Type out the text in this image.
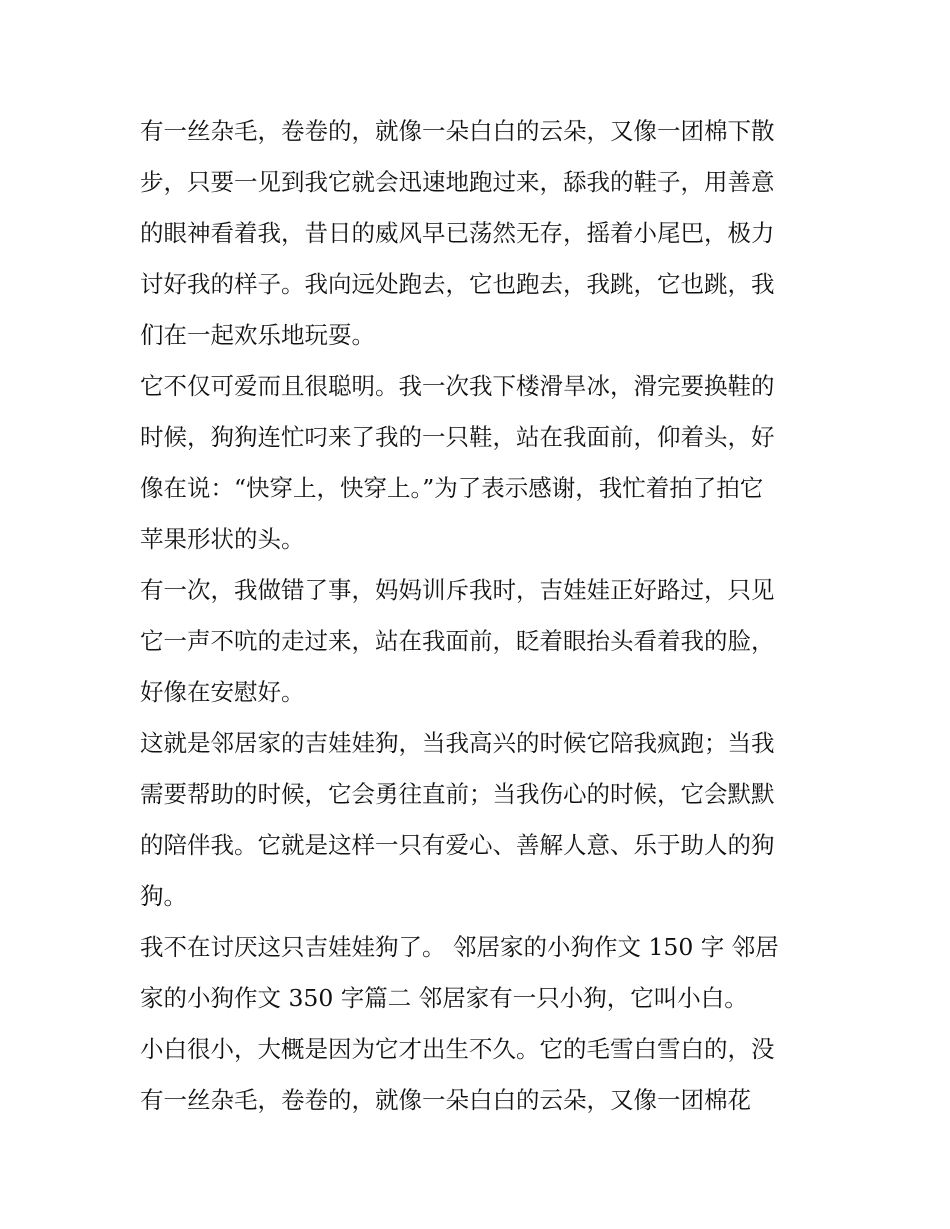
有一丝杂毛，卷卷的，就像一朵白白的云朵，又像一团棉下散
步，只要一见到我它就会迅速地跑过来，舔我的鞋子，用善意
的眼神看着我，昔日的威风早已荡然无存，摇着小尾巴，极力
讨好我的样子。我向远处跑去，它也跑去，我跳，它也跳，我
们在一起欢乐地玩耍。
它不仅可爱而且很聪明。我一次我下楼滑旱冰，滑完要换鞋的
时候，狗狗连忙叼来了我的一只鞋，站在我面前，仰着头，好
像在说：“快穿上，快穿上。”为了表示感谢，我忙着拍了拍它
苹果形状的头。
有一次，我做错了事，妈妈训斥我时，吉娃娃正好路过，只见
它一声不吭的走过来，站在我面前，眨着眼抬头看着我的脸，
好像在安慰好。
这就是邻居家的吉娃娃狗，当我高兴的时候它陪我疯跑；当我
需要帮助的时候，它会勇往直前；当我伤心的时候，它会默默
的陪伴我。它就是这样一只有爱心、善解人意、乐于助人的狗
狗。
我不在讨厌这只吉娃娃狗了。 邻居家的小狗作文 150 字 邻居
家的小狗作文 350 字篇二 邻居家有一只小狗，它叫小白。
小白很小，大概是因为它才出生不久。它的毛雪白雪白的，没
有一丝杂毛，卷卷的，就像一朵白白的云朵，又像一团棉花
